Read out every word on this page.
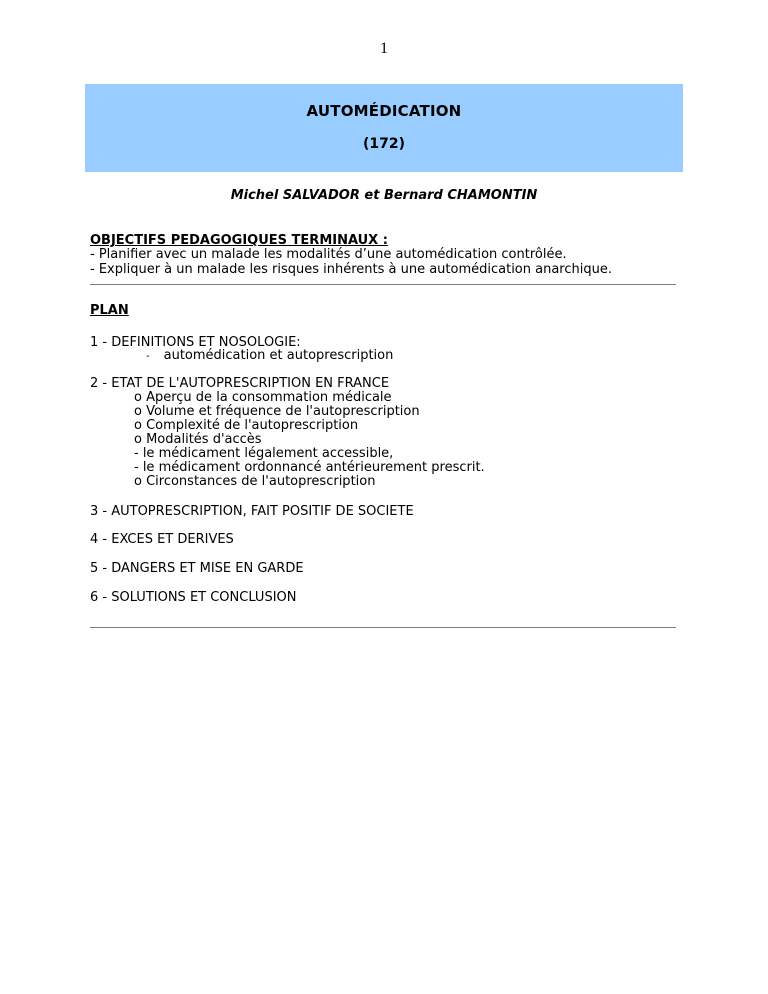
1
AUTOMÉDICATION
(172)
Michel SALVADOR et Bernard CHAMONTIN
OBJECTIFS PEDAGOGIQUES TERMINAUX :
- Planifier avec un malade les modalités d’une automédication contrôlée.
- Expliquer à un malade les risques inhérents à une automédication anarchique.
PLAN
1 - DEFINITIONS ET NOSOLOGIE:
- automédication et autoprescription
2 - ETAT DE L'AUTOPRESCRIPTION EN FRANCE
o Aperçu de la consommation médicale
o Volume et fréquence de l'autoprescription
o Complexité de l'autoprescription
o Modalités d'accès
- le médicament légalement accessible,
- le médicament ordonnancé antérieurement prescrit.
o Circonstances de l'autoprescription
3 - AUTOPRESCRIPTION, FAIT POSITIF DE SOCIETE
4 - EXCES ET DERIVES
5 - DANGERS ET MISE EN GARDE
6 - SOLUTIONS ET CONCLUSION
